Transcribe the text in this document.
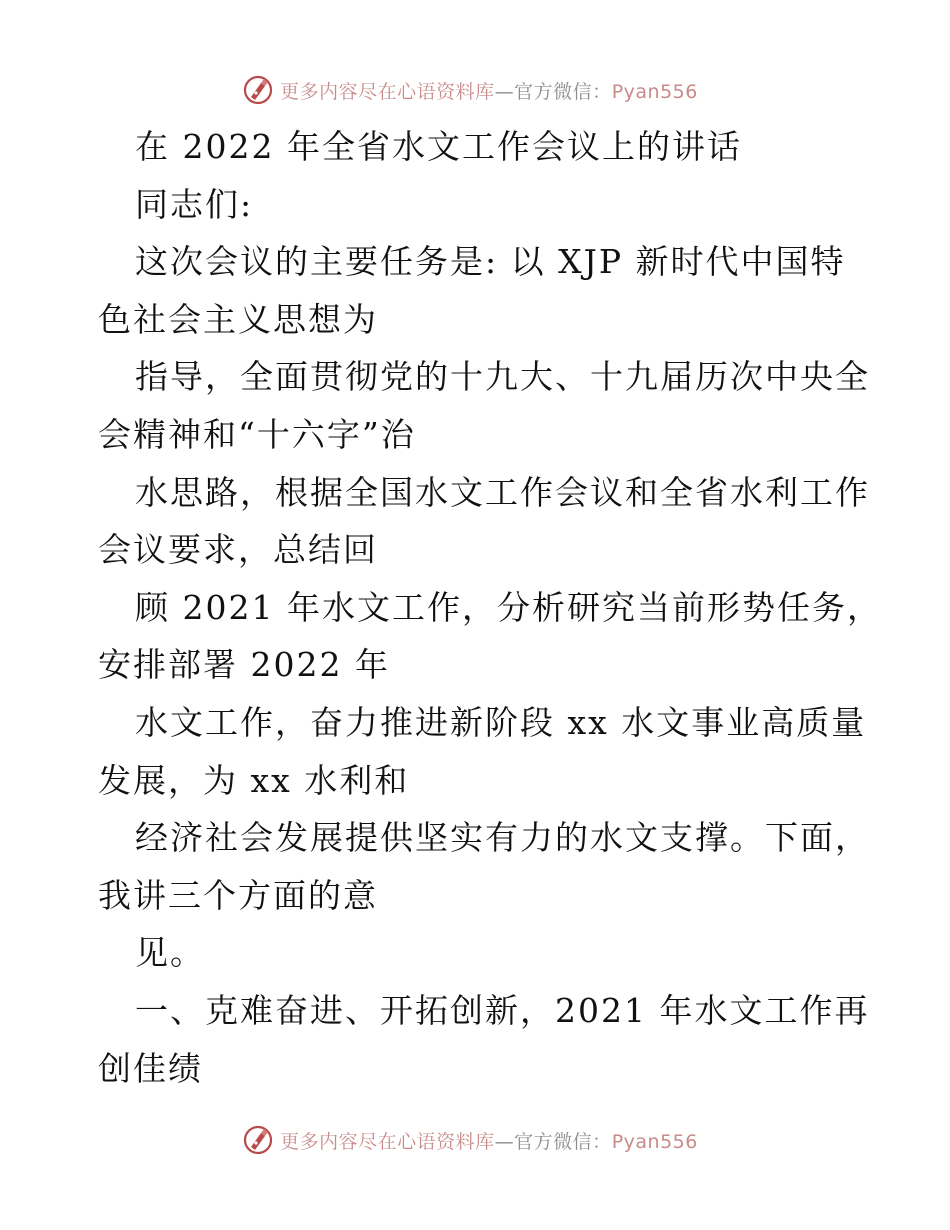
更多内容尽在心语资料库—官方微信：Pyan556
在 2022 年全省水文工作会议上的讲话
同志们:
这次会议的主要任务是: 以 XJP 新时代中国特
色社会主义思想为
指导，全面贯彻党的十九大、十九届历次中央全
会精神和“十六字”治
水思路，根据全国水文工作会议和全省水利工作
会议要求，总结回
顾 2021 年水文工作，分析研究当前形势任务，
安排部署 2022 年
水文工作，奋力推进新阶段 xx 水文事业高质量
发展，为 xx 水利和
经济社会发展提供坚实有力的水文支撑。下面，
我讲三个方面的意
见。
一、克难奋进、开拓创新，2021 年水文工作再
创佳绩
更多内容尽在心语资料库—官方微信：Pyan556
